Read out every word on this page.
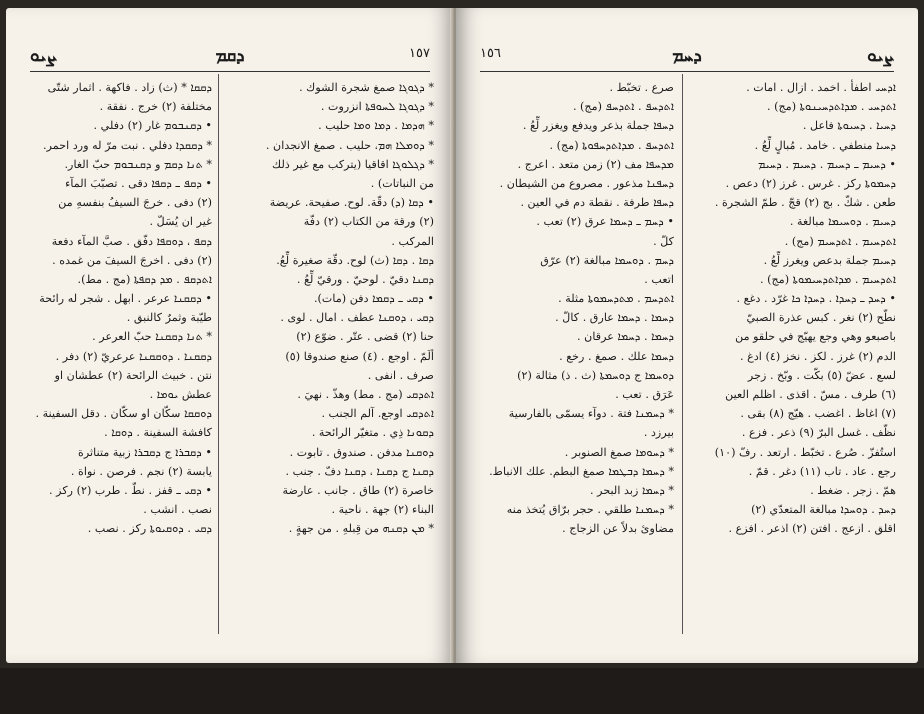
ܨܝܘ	ܕܩܡ	١٥٧
* ܕܓܘܓܐ صمغ شجرة الشوك .
* ܕܓܘܓܐ ܠܚܘܦܬܐ انزروت .
* ܗܕܡܐ . ܕܡܐ ܘܡܐ حليب .
* ܕܘܡܠܐ ܗܡ، حليب . صمغ الانجدان .
* ܕܓܠܘܓܐ اقاقيا (يتركب مع غير ذلك
من النباتات) .
• ܕܩܐ (ܕ) دقّة. لوح. صفيحة. عريضة
(٢) ورقة من الكتاب (٢) دفّة
المركب .
ܕܩܐ . ܕܩܐ (ث) لوح. دقّة صغيرة لِّعُ.
ܕܩܢܐ دقيّ . لوحيّ . ورقيّ لِّعُ .
• ܕܩܝ ـ ܕܩܡܐ دفن (مات).
ܕܩܝ ، ܕܘܩܢܐ عطف . امال . لوى .
حنا (٢) قضى . عتّر . ضوّع (٢)
ألَمّ . اوجع . (٤) صنع صندوقا (٥)
صرف . انفى .
ܐܬܕܩܝ (مج . مط) وهذّ . نهيَ .
ܐܬܕܩܝ اوجع. آلم الجنب .
ܕܩܘܢܐ ذِي . متغيّر الرائحة .
ܕܘܩܢܐ مدفن . صندوق . تابوت .
ܕܩܢܐ ج ܕܩܢܐ ، ܕܩܢܐ دفّ . جنب .
خاصرة (٢) طاق . جانب . عارضة
البناء (٢) جهة . ناحية .
* ܡܢ ܕܩܢܗ من قِبلهِ . من جهةٍ .
ܕܩܩܐ * (ث) زاد . فاكهة . اثمار شتّى
مختلفة (٢) خرج . نفقة .
• ܕܩܢܒܘܡ غار (٢) دفلي .
* ܕܩܩܕܐ دفلي . نبت مرّ له ورد احمر.
* ܬܢܐ ܕܩܡ و ܕܩܢܒܘܡ حبّ الغار.
• ܕܩܦ ـ ܕܩܦܐ دقى . تصبّبَ المآء
(٢) دفى . خرجَ السيفُ بنفسهِ من
غير ان يُسَلّ .
ܕܩܦ ، ܕܘܩܦܐ دفّق . صبَّ المآء دفعة
(٢) دفى . اخرجَ السيفَ من غمده .
ܐܬܕܩܦ . ܡܕ ܕܩܦܬܐ (مج . مط).
• ܕܩܩܢܐ عرعر . ابهل . شجر له رائحة
طيّبة وثمرٌ كالنبق .
* ܬܢܐ ܕܩܩܢܐ حبّ العرعر .
ܕܩܩܢܐ . ܕܘܩܩܢܐ عرعريّ (٢) دفر .
نتن . خبيث الرائحة (٢) عطشان او
عطش ܝܘܡܐ .
ܕܘܩܩܐ سكّان او سكّان . دقل السفينة .
كافشة السفينة . ܕܘܩܐ .
• ܕܩܒܪܐ ج ܕܩܒܪܐ زبية متناثرة
يابسة (٢) نجم . فرصن . نواة .
• ܕܩܝ ـ قفز . نطّ . طرب (٢) ركز .
نصب . انشب .
ܕܩܝ . ܕܘܩܝܘܬܐ ركز . نصب .
١٥٦	ܕܚܡ	ܨܝܘ
صرع . تخبّط .
ܐܬܕܚܦ . ܐܬܕܚܦ (مج) .
ܕܚܦܐ جملة بذعر ويدفع ويغزر لِّعُ .
ܐܬܕܚܦ . ܡܕܐܬܕܚܦܘܬܐ (مج) .
ܡܕܚܦܐ مف (٢) زمن متعد . اعرج .
ܕܚܦܢܐ مذعور . مصروع من الشيطان .
ܕܚܦܐ طرفة . نقطة دم في العين .
• ܕܚܡ ـ ܕܚܡܐ عرق (٢) تعب .
كلّ .
ܕܚܡ . ܕܘܚܡܐ مبالغة (٢) عرّق
اتعب .
ܐܬܕܚܡ . ܡܬܕܚܡܘܬܐ مثلة .
ܕܚܡܐ . ܕܚܡܐ عارق . كالّ .
ܕܚܡܐ . ܕܚܡܐ عرقان .
ܕܚܡܐ علك . صمغ . رخع .
ܕܘܚܡܐ ج ܕܘܚܡܬܐ (ث . ذ) مثالة (٢)
عَرَق . تعب .
* ܕܚܡܢܐ فتة . دوآء يسمّى بالفارسية
بيرزد .
* ܕܚܘܡܐ صمغ الصنوبر .
* ܕܚܡܐ ܕܒܛܡܐ صمغ البطم. علك الانباط.
* ܕܚܡܐ زبد البحر .
* ܕܚܡܢܐ طلقي . حجر برّاق يُتخذ منه
مضاوئ بدلاً عن الزجاج .
ܐܕܚܝ اطفأ . اخمد . ازال . امات .
ܐܬܕܚܝ . ܡܕܐܬܕܚܝܢܘܬܐ (مج) .
ܕܚܝܐ . ܕܚܝܘܬܐ فاعل .
ܕܚܝܐ منطفي . خامد . مُبالٍ لِّعُ .
• ܕܚܝܡ ـ ܕܚܝܡ . ܕܚܝܡ . ܕܚܝܡ
ܕܚܡܘܬܐ ركز . غرس . غرز (٢) دعص .
طعن . شكّ . بج (٢) قجّ . طمّ الشجرة .
ܕܚܝܡ . ܕܘܚܝܡܐ مبالغة .
ܐܬܕܚܝܡ . ܐܬܕܚܝܡ (مج) .
ܕܚܝܡ جملة بدعص ويغرز لِّعُ .
ܐܬܕܚܝܡ . ܡܕܐܬܕܚܝܡܘܬܐ (مج) .
• ܕܚܕ ـ ܕܚܕܐ . ܕܚܕܐ ܟܐ غرّد . دغع .
نطّح (٢) نغر . كبس عذرة الصبيّ
باصبعو وهي وجع يهيّج في حلقو من
الدم (٢) غرز . لكز . نخز (٤) ادغ .
لسع . عضّ (٥) بكّت . وبّخ . زجر
(٦) طرف . مسّ . اقذى . اظلم العين
(٧) اغاظ . اغضب . هيّج (٨) بقى .
نظّف . غسل البرّ (٩) ذعر . فزع .
استُفزّ . صُرع . تخبّط . ارتعد . رفّ (١٠)
رجع . عاد . تاب (١١) دغر . قمّ .
همّ . زجر . ضغط .
ܕܚܕ . ܕܘܚܕܐ مبالغة المتعدّي (٢)
اقلق . ازعج . افتن (٢) اذعر . افزع .
